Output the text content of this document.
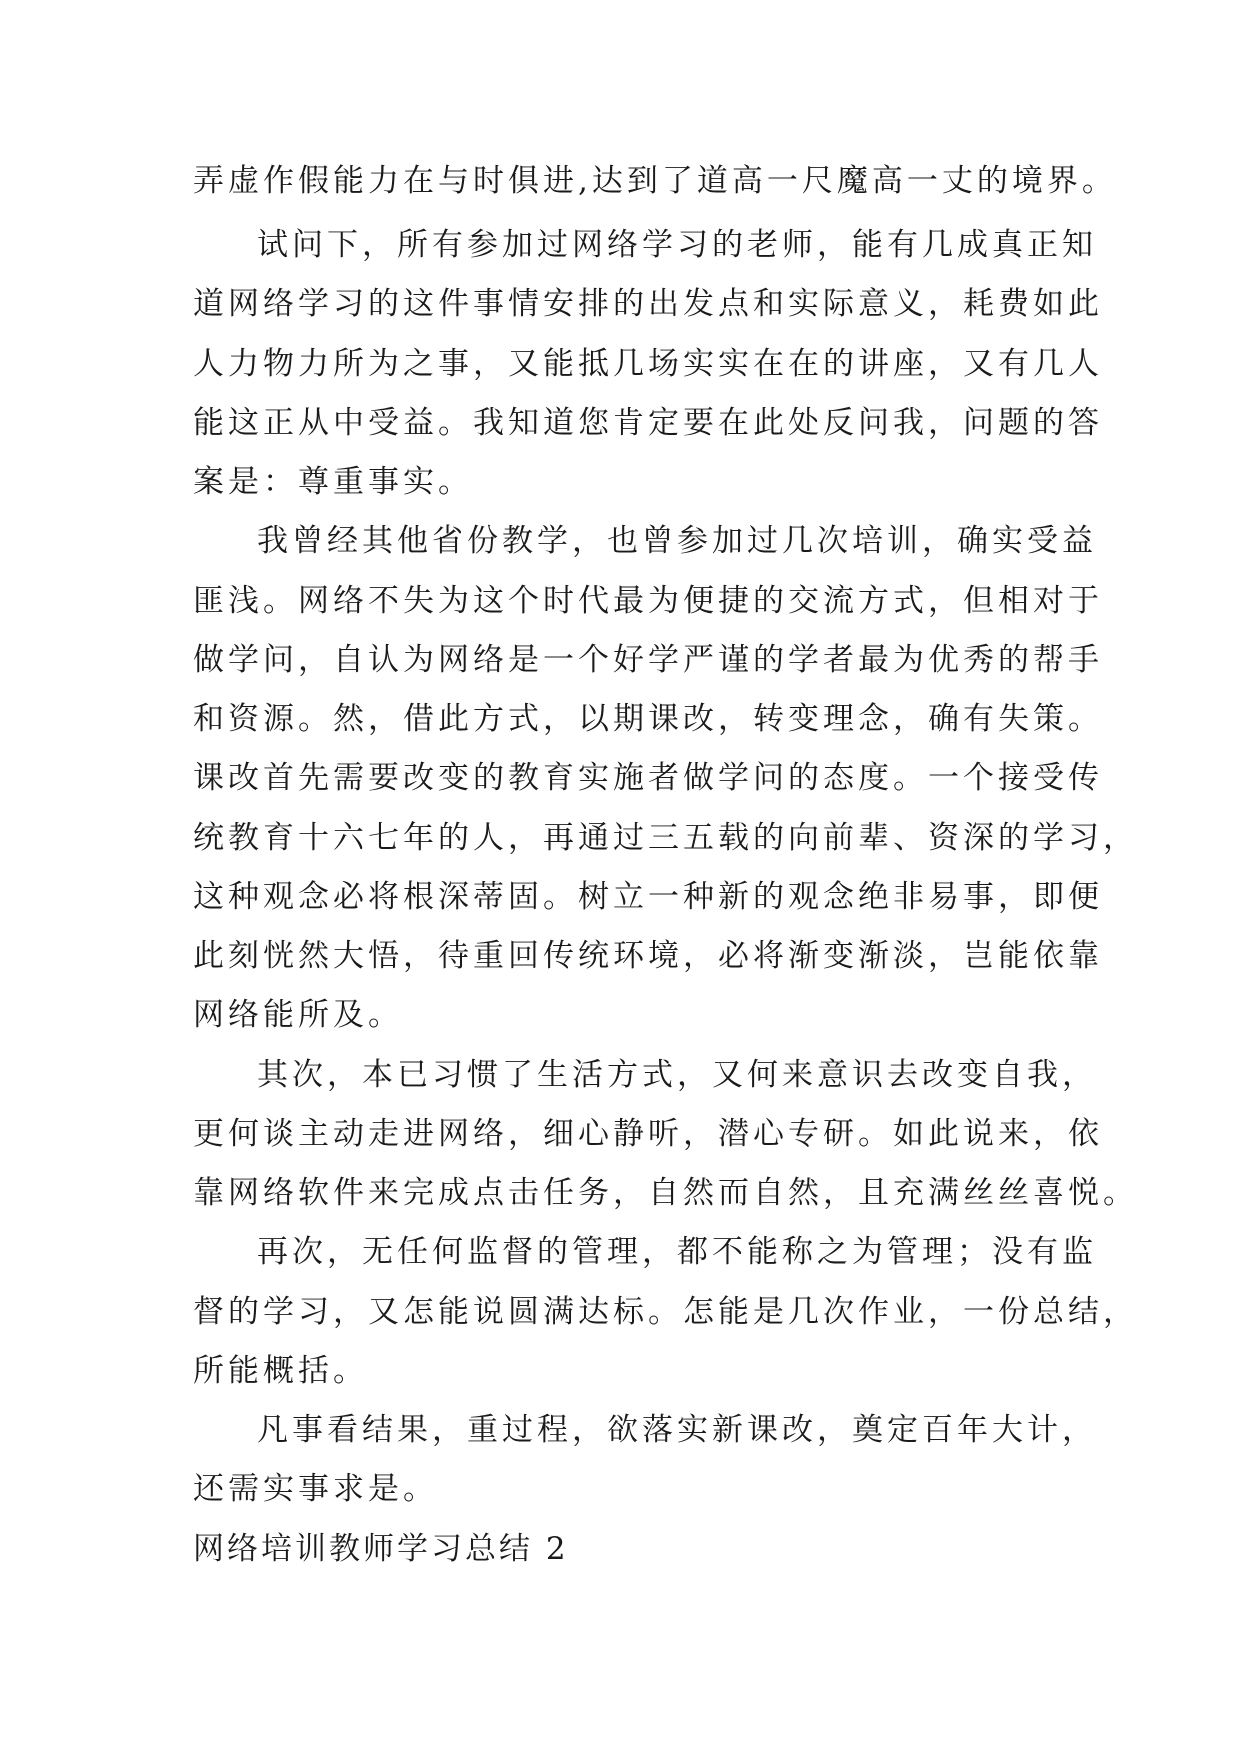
弄虚作假能力在与时俱进,达到了道高一尺魔高一丈的境界。

试问下，所有参加过网络学习的老师，能有几成真正知

道网络学习的这件事情安排的出发点和实际意义，耗费如此

人力物力所为之事，又能抵几场实实在在的讲座，又有几人

能这正从中受益。我知道您肯定要在此处反问我，问题的答

案是：尊重事实。

我曾经其他省份教学，也曾参加过几次培训，确实受益

匪浅。网络不失为这个时代最为便捷的交流方式，但相对于

做学问，自认为网络是一个好学严谨的学者最为优秀的帮手

和资源。然，借此方式，以期课改，转变理念，确有失策。

课改首先需要改变的教育实施者做学问的态度。一个接受传

统教育十六七年的人，再通过三五载的向前辈、资深的学习，

这种观念必将根深蒂固。树立一种新的观念绝非易事，即便

此刻恍然大悟，待重回传统环境，必将渐变渐淡，岂能依靠

网络能所及。

其次，本已习惯了生活方式，又何来意识去改变自我，

更何谈主动走进网络，细心静听，潜心专研。如此说来，依

靠网络软件来完成点击任务，自然而自然，且充满丝丝喜悦。

再次，无任何监督的管理，都不能称之为管理；没有监

督的学习，又怎能说圆满达标。怎能是几次作业，一份总结，

所能概括。

凡事看结果，重过程，欲落实新课改，奠定百年大计，

还需实事求是。

网络培训教师学习总结 2
